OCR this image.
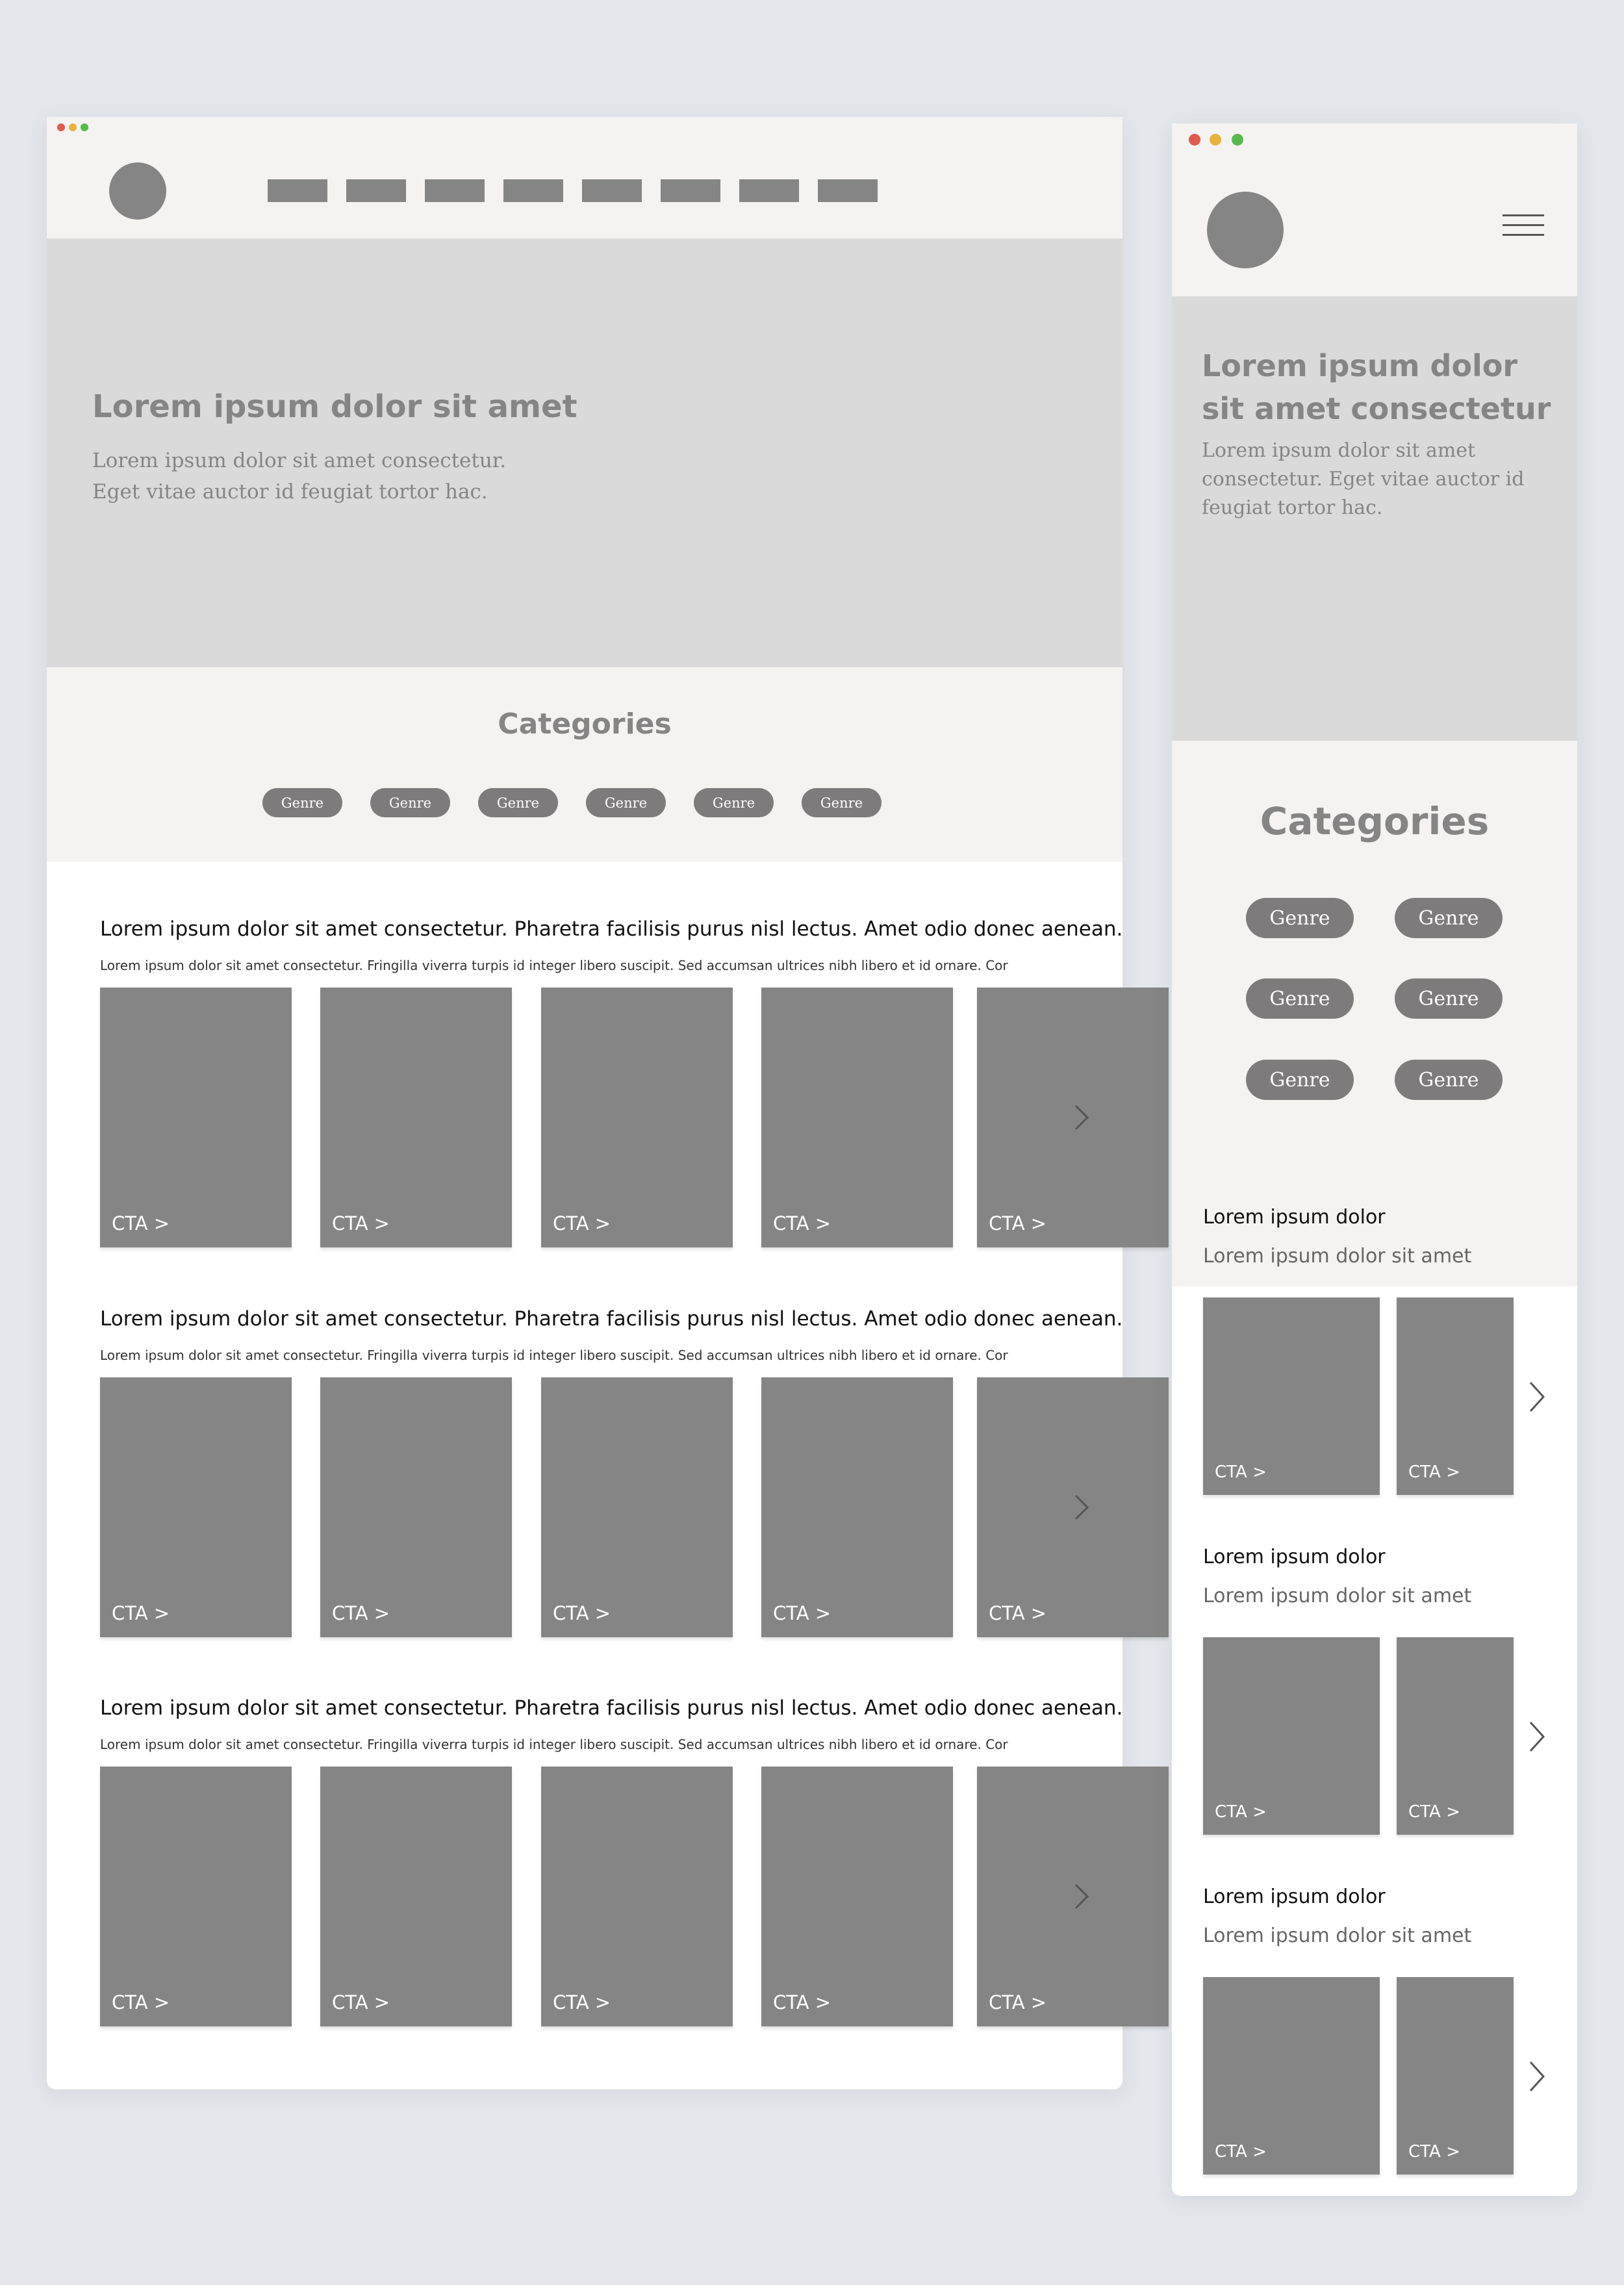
Lorem ipsum dolor sit amet
Lorem ipsum dolor sit amet consectetur.
Eget vitae auctor id feugiat tortor hac.
Categories
Genre	Genre	Genre	Genre	Genre	Genre
Lorem ipsum dolor sit amet consectetur. Pharetra facilisis purus nisl lectus. Amet odio donec aenean.
Lorem ipsum dolor sit amet consectetur. Fringilla viverra turpis id integer libero suscipit. Sed accumsan ultrices nibh libero et id ornare. Cor
CTA >	CTA >	CTA >	CTA >	CTA >
Lorem ipsum dolor sit amet consectetur. Pharetra facilisis purus nisl lectus. Amet odio donec aenean.
Lorem ipsum dolor sit amet consectetur. Fringilla viverra turpis id integer libero suscipit. Sed accumsan ultrices nibh libero et id ornare. Cor
CTA >	CTA >	CTA >	CTA >	CTA >
Lorem ipsum dolor sit amet consectetur. Pharetra facilisis purus nisl lectus. Amet odio donec aenean.
Lorem ipsum dolor sit amet consectetur. Fringilla viverra turpis id integer libero suscipit. Sed accumsan ultrices nibh libero et id ornare. Cor
CTA >	CTA >	CTA >	CTA >	CTA >
Lorem ipsum dolor sit amet consectetur
Lorem ipsum dolor sit amet consectetur. Eget vitae auctor id feugiat tortor hac.
Categories
Genre	Genre
Genre	Genre
Genre	Genre
Lorem ipsum dolor
Lorem ipsum dolor sit amet
CTA >	CTA >
Lorem ipsum dolor
Lorem ipsum dolor sit amet
CTA >	CTA >
Lorem ipsum dolor
Lorem ipsum dolor sit amet
CTA >	CTA >
